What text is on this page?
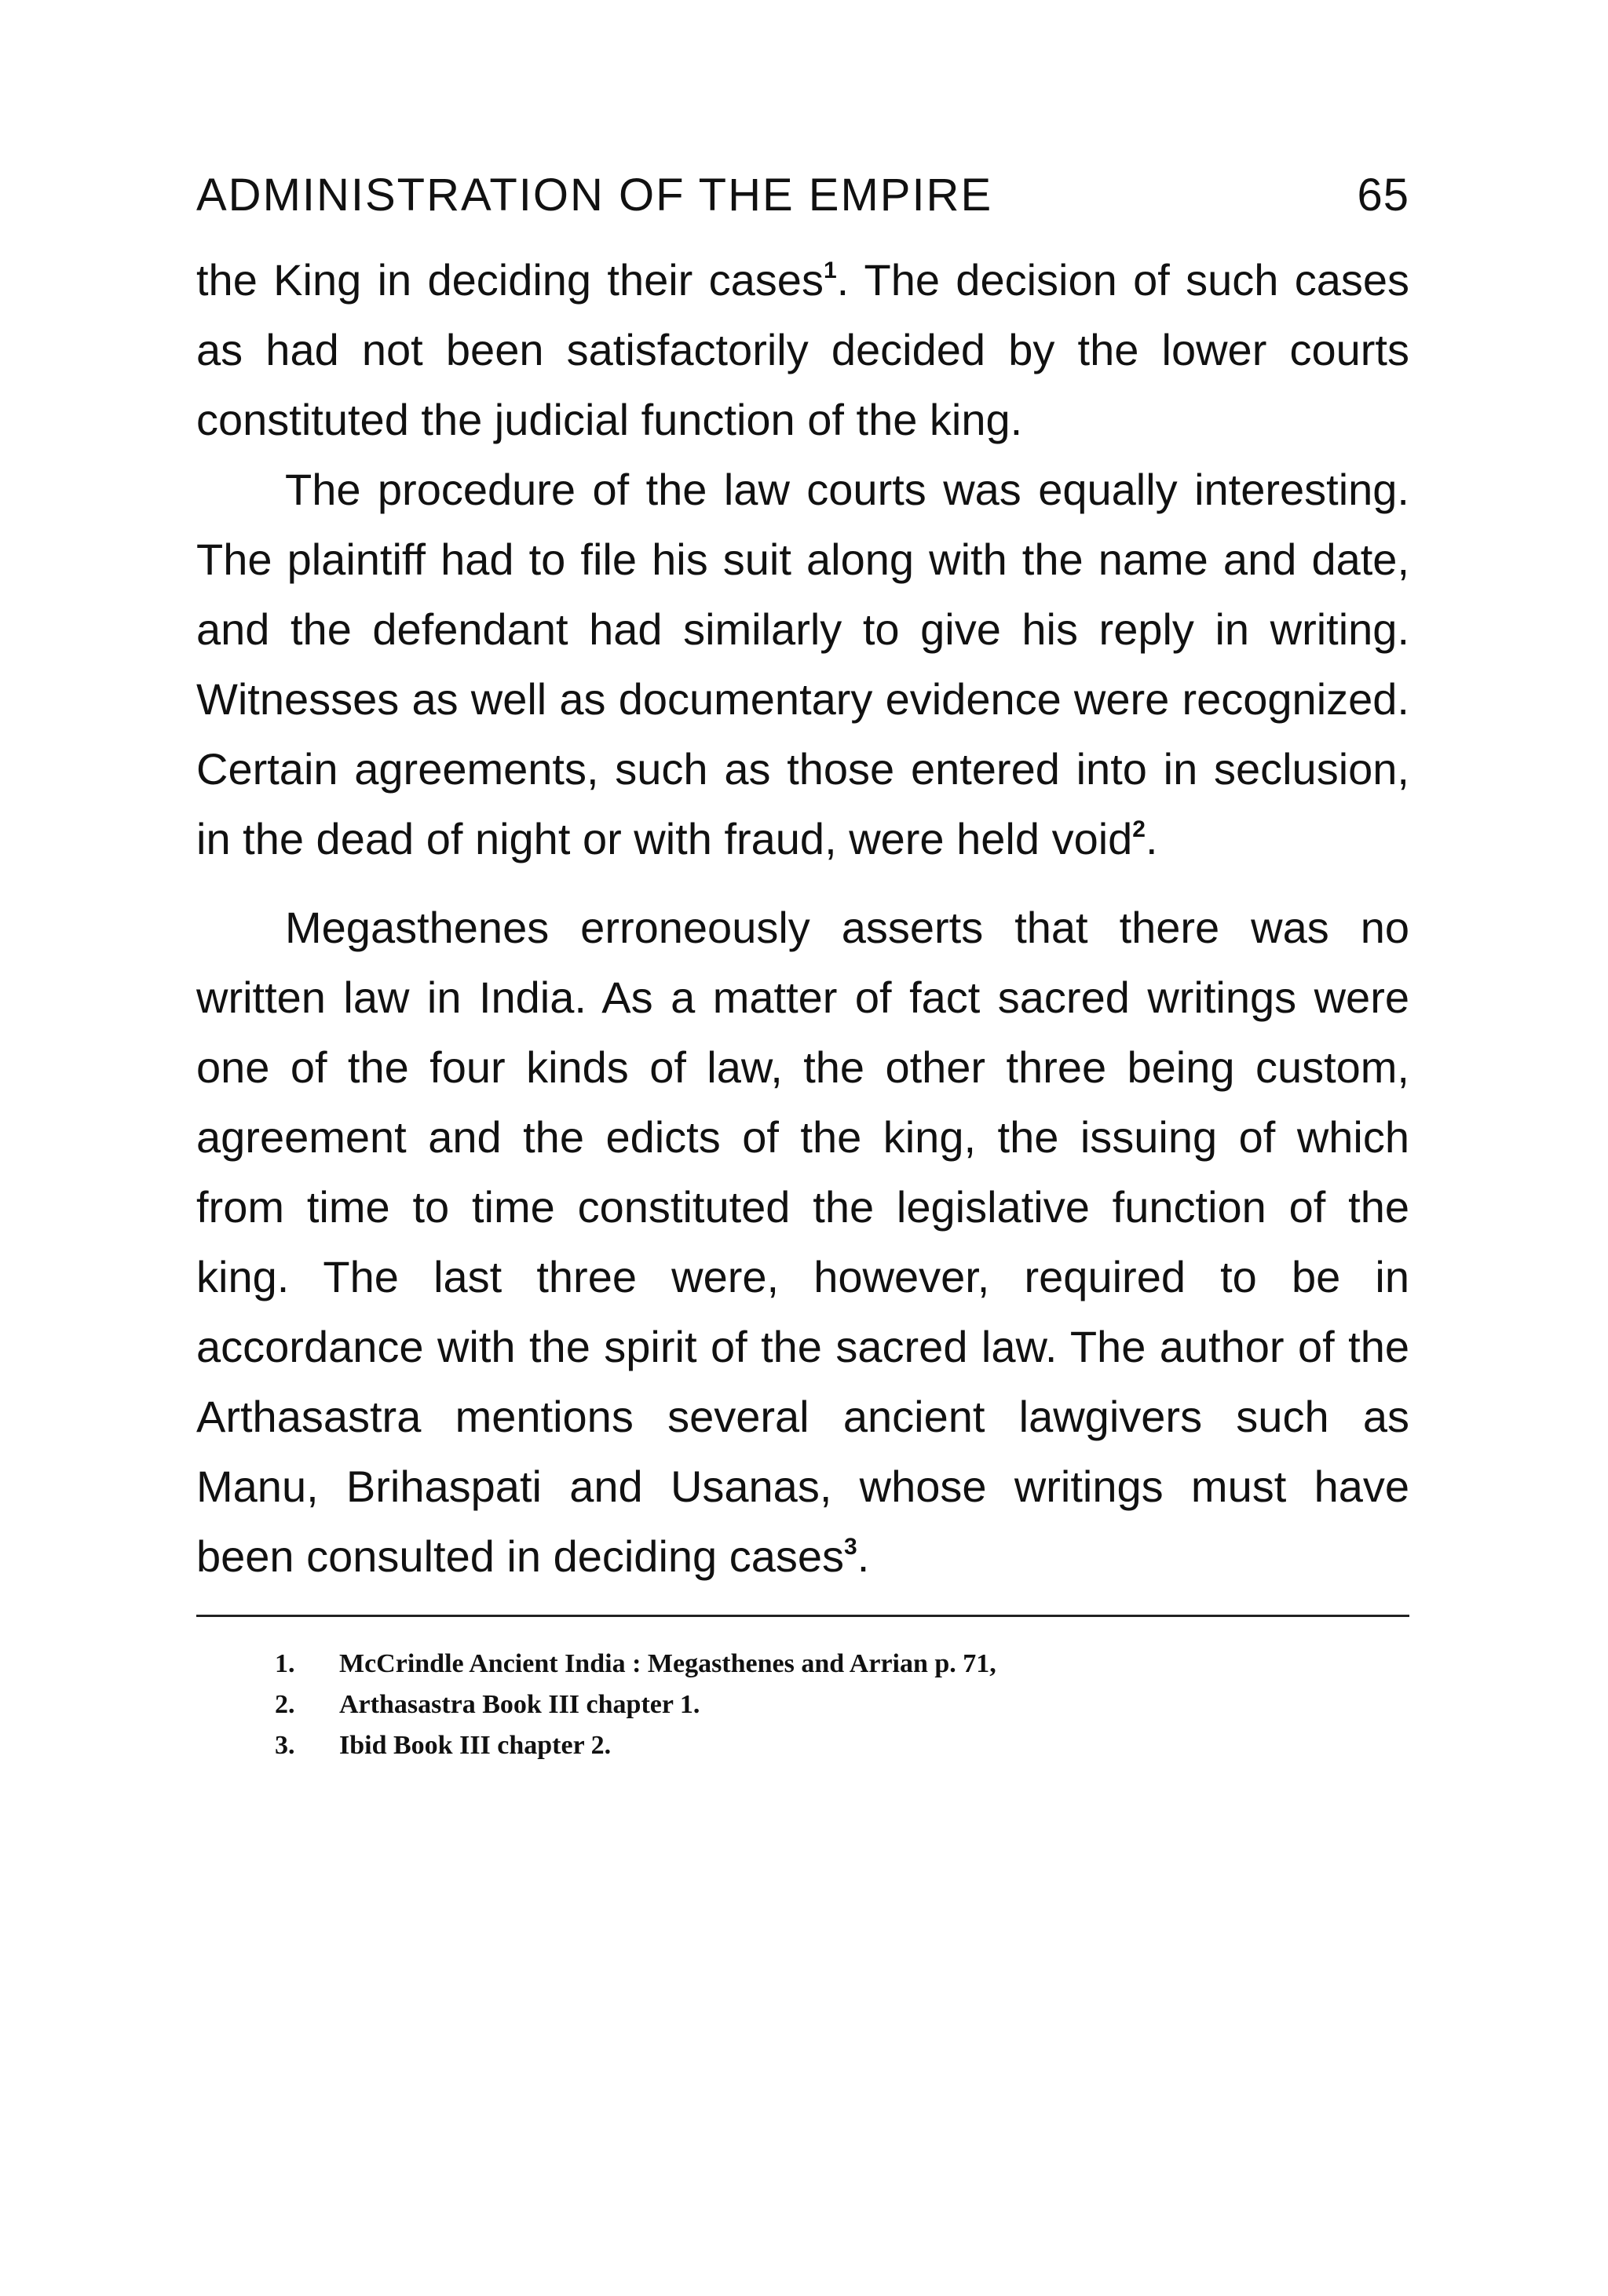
ADMINISTRATION OF THE EMPIRE	65

the King in deciding their cases$^1$. The decision of such cases as had not been satisfactorily decided by the lower courts constituted the judicial function of the king.

The procedure of the law courts was equally interesting. The plaintiff had to file his suit along with the name and date, and the defendant had similarly to give his reply in writing. Witnesses as well as documentary evidence were recognized. Certain agreements, such as those entered into in seclusion, in the dead of night or with fraud, were held void$^2$.

Megasthenes erroneously asserts that there was no written law in India. As a matter of fact sacred writings were one of the four kinds of law, the other three being custom, agreement and the edicts of the king, the issuing of which from time to time constituted the legislative function of the king. The last three were, however, required to be in accordance with the spirit of the sacred law. The author of the Arthasastra mentions several ancient lawgivers such as Manu, Brihaspati and Usanas, whose writings must have been consulted in deciding cases$^3$.

1.	McCrindle Ancient India : Megasthenes and Arrian p. 71,
2.	Arthasastra Book III chapter 1.
3.	Ibid Book III chapter 2.
